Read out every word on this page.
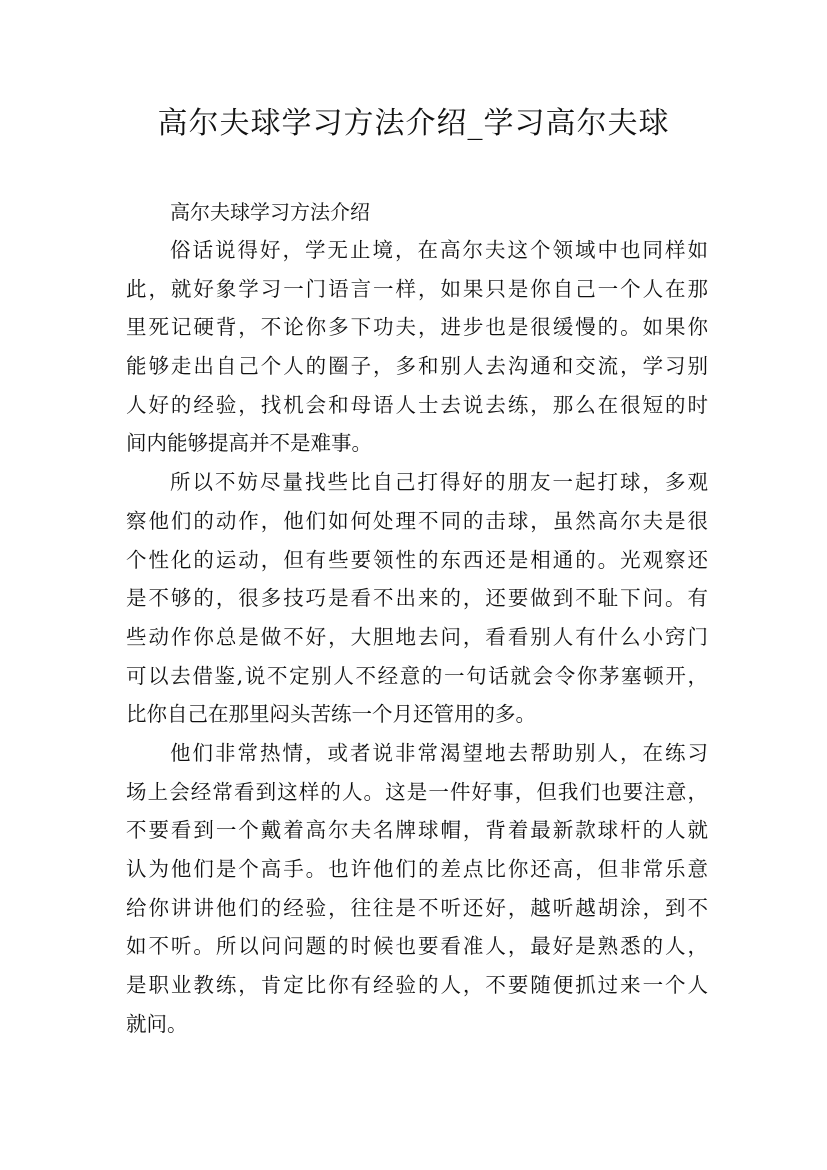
高尔夫球学习方法介绍_学习高尔夫球

高尔夫球学习方法介绍

俗话说得好，学无止境，在高尔夫这个领域中也同样如
此，就好象学习一门语言一样，如果只是你自己一个人在那
里死记硬背，不论你多下功夫，进步也是很缓慢的。如果你
能够走出自己个人的圈子，多和别人去沟通和交流，学习别
人好的经验，找机会和母语人士去说去练，那么在很短的时
间内能够提高并不是难事。

所以不妨尽量找些比自己打得好的朋友一起打球，多观
察他们的动作，他们如何处理不同的击球，虽然高尔夫是很
个性化的运动，但有些要领性的东西还是相通的。光观察还
是不够的，很多技巧是看不出来的，还要做到不耻下问。有
些动作你总是做不好，大胆地去问，看看别人有什么小窍门
可以去借鉴,说不定别人不经意的一句话就会令你茅塞顿开，
比你自己在那里闷头苦练一个月还管用的多。

他们非常热情，或者说非常渴望地去帮助别人，在练习
场上会经常看到这样的人。这是一件好事，但我们也要注意，
不要看到一个戴着高尔夫名牌球帽，背着最新款球杆的人就
认为他们是个高手。也许他们的差点比你还高，但非常乐意
给你讲讲他们的经验，往往是不听还好，越听越胡涂，到不
如不听。所以问问题的时候也要看准人，最好是熟悉的人，
是职业教练，肯定比你有经验的人，不要随便抓过来一个人
就问。
